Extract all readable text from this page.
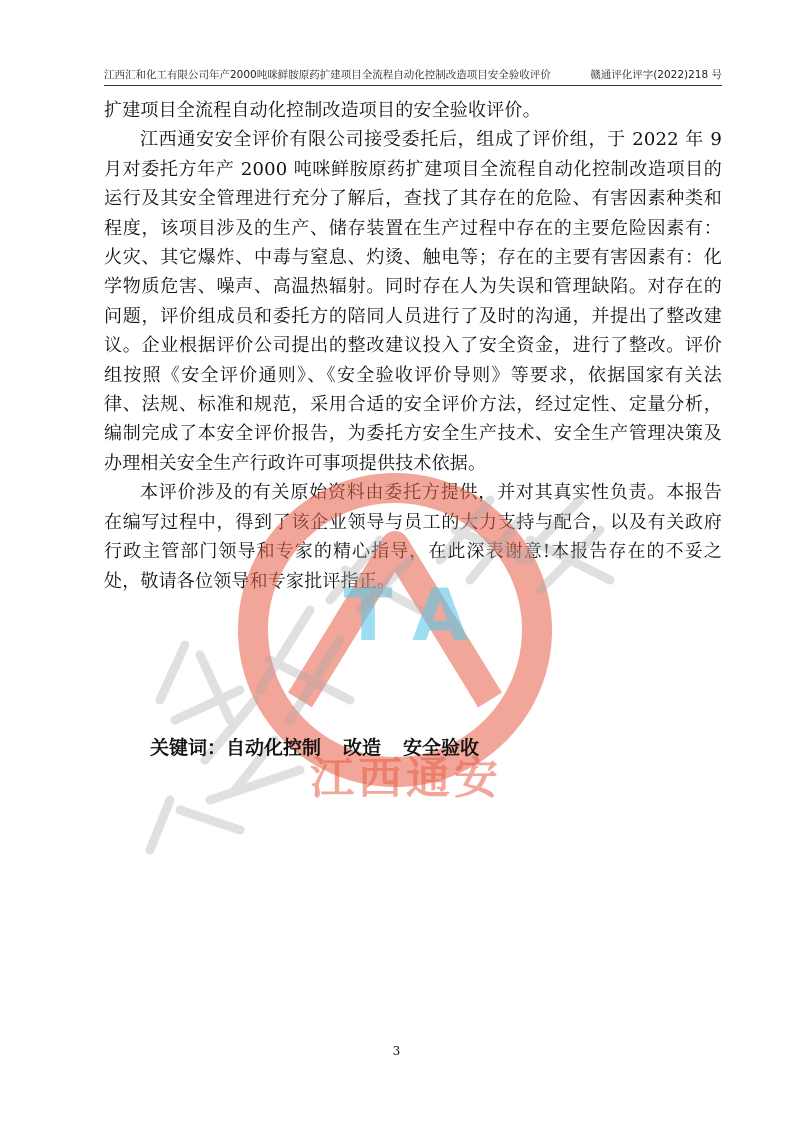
江西汇和化工有限公司年产2000吨咪鲜胺原药扩建项目全流程自动化控制改造项目安全验收评价	赣通评化评字(2022)218 号

扩建项目全流程自动化控制改造项目的安全验收评价。

江西通安安全评价有限公司接受委托后，组成了评价组，于 2022 年 9 月对委托方年产 2000 吨咪鲜胺原药扩建项目全流程自动化控制改造项目的运行及其安全管理进行充分了解后，查找了其存在的危险、有害因素种类和程度，该项目涉及的生产、储存装置在生产过程中存在的主要危险因素有：火灾、其它爆炸、中毒与窒息、灼烫、触电等；存在的主要有害因素有：化学物质危害、噪声、高温热辐射。同时存在人为失误和管理缺陷。对存在的问题，评价组成员和委托方的陪同人员进行了及时的沟通，并提出了整改建议。企业根据评价公司提出的整改建议投入了安全资金，进行了整改。评价组按照《安全评价通则》、《安全验收评价导则》等要求，依据国家有关法律、法规、标准和规范，采用合适的安全评价方法，经过定性、定量分析，编制完成了本安全评价报告，为委托方安全生产技术、安全生产管理决策及办理相关安全生产行政许可事项提供技术依据。

本评价涉及的有关原始资料由委托方提供，并对其真实性负责。本报告在编写过程中，得到了该企业领导与员工的大力支持与配合，以及有关政府行政主管部门领导和专家的精心指导，在此深表谢意!本报告存在的不妥之处，敬请各位领导和专家批评指正。

T A
江西通安
关键词：自动化控制 改造 安全验收
3
